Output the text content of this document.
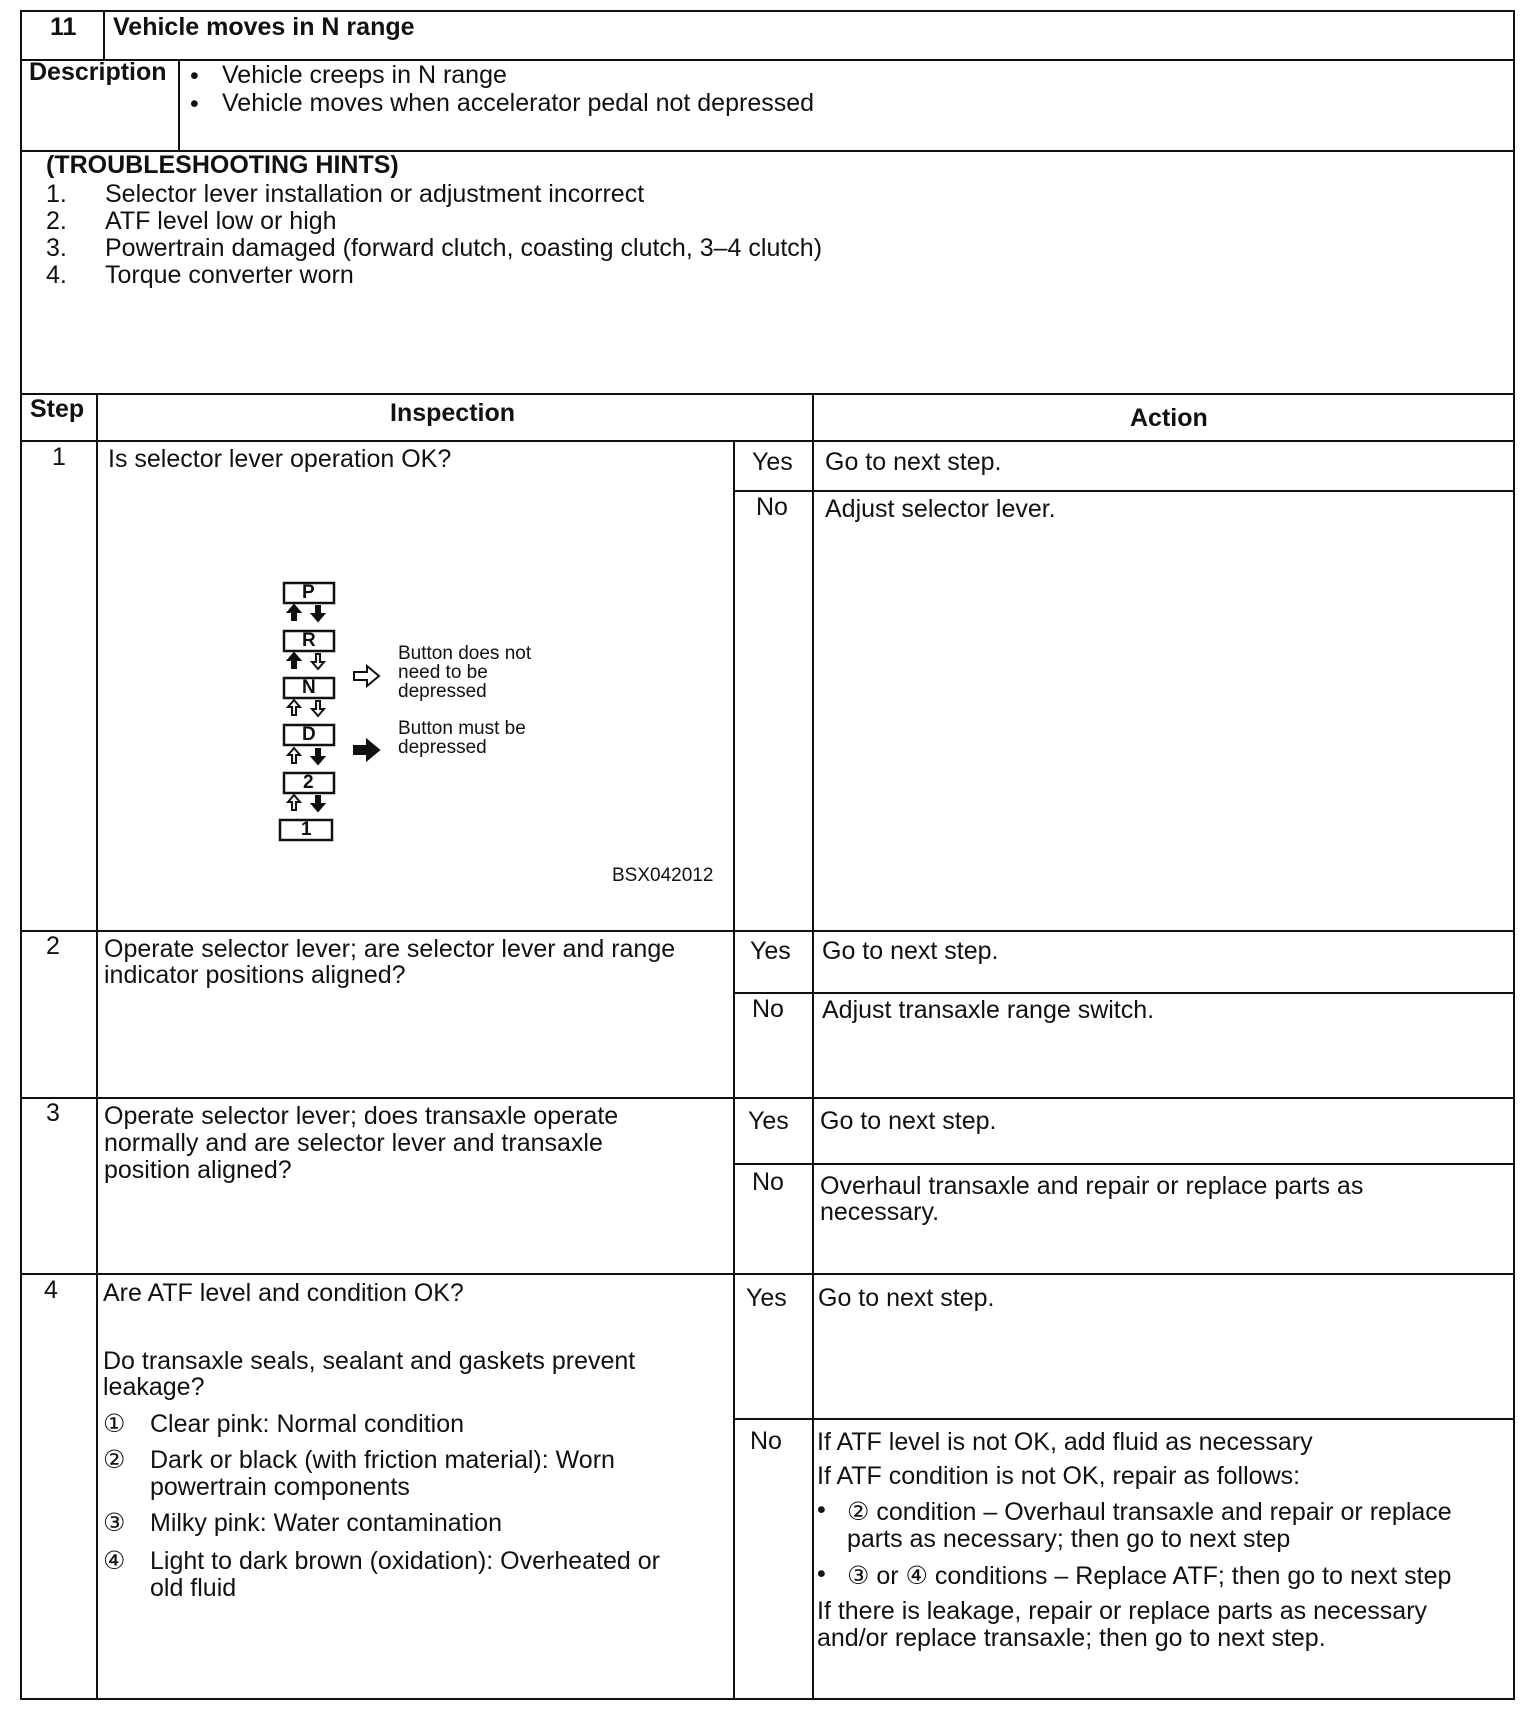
11 Vehicle moves in N range
Description • Vehicle creeps in N range
• Vehicle moves when accelerator pedal not depressed
(TROUBLESHOOTING HINTS)
1. Selector lever installation or adjustment incorrect
2. ATF level low or high
3. Powertrain damaged (forward clutch, coasting clutch, 3–4 clutch)
4. Torque converter worn
Step	Inspection	Action
1 Is selector lever operation OK?	Yes Go to next step.
No Adjust selector lever.
P
R
N
D
2
1
Button does not
need to be
depressed
Button must be
depressed
BSX042012
2 Operate selector lever; are selector lever and range
indicator positions aligned?
Yes Go to next step.
No Adjust transaxle range switch.
3 Operate selector lever; does transaxle operate
normally and are selector lever and transaxle
position aligned?
Yes Go to next step.
No Overhaul transaxle and repair or replace parts as
necessary.
4 Are ATF level and condition OK?
Do transaxle seals, sealant and gaskets prevent
leakage?
① Clear pink: Normal condition
② Dark or black (with friction material): Worn
powertrain components
③ Milky pink: Water contamination
④ Light to dark brown (oxidation): Overheated or
old fluid
Yes Go to next step.
No If ATF level is not OK, add fluid as necessary
If ATF condition is not OK, repair as follows:
• ② condition – Overhaul transaxle and repair or replace
parts as necessary; then go to next step
• ③ or ④ conditions – Replace ATF; then go to next step
If there is leakage, repair or replace parts as necessary
and/or replace transaxle; then go to next step.
